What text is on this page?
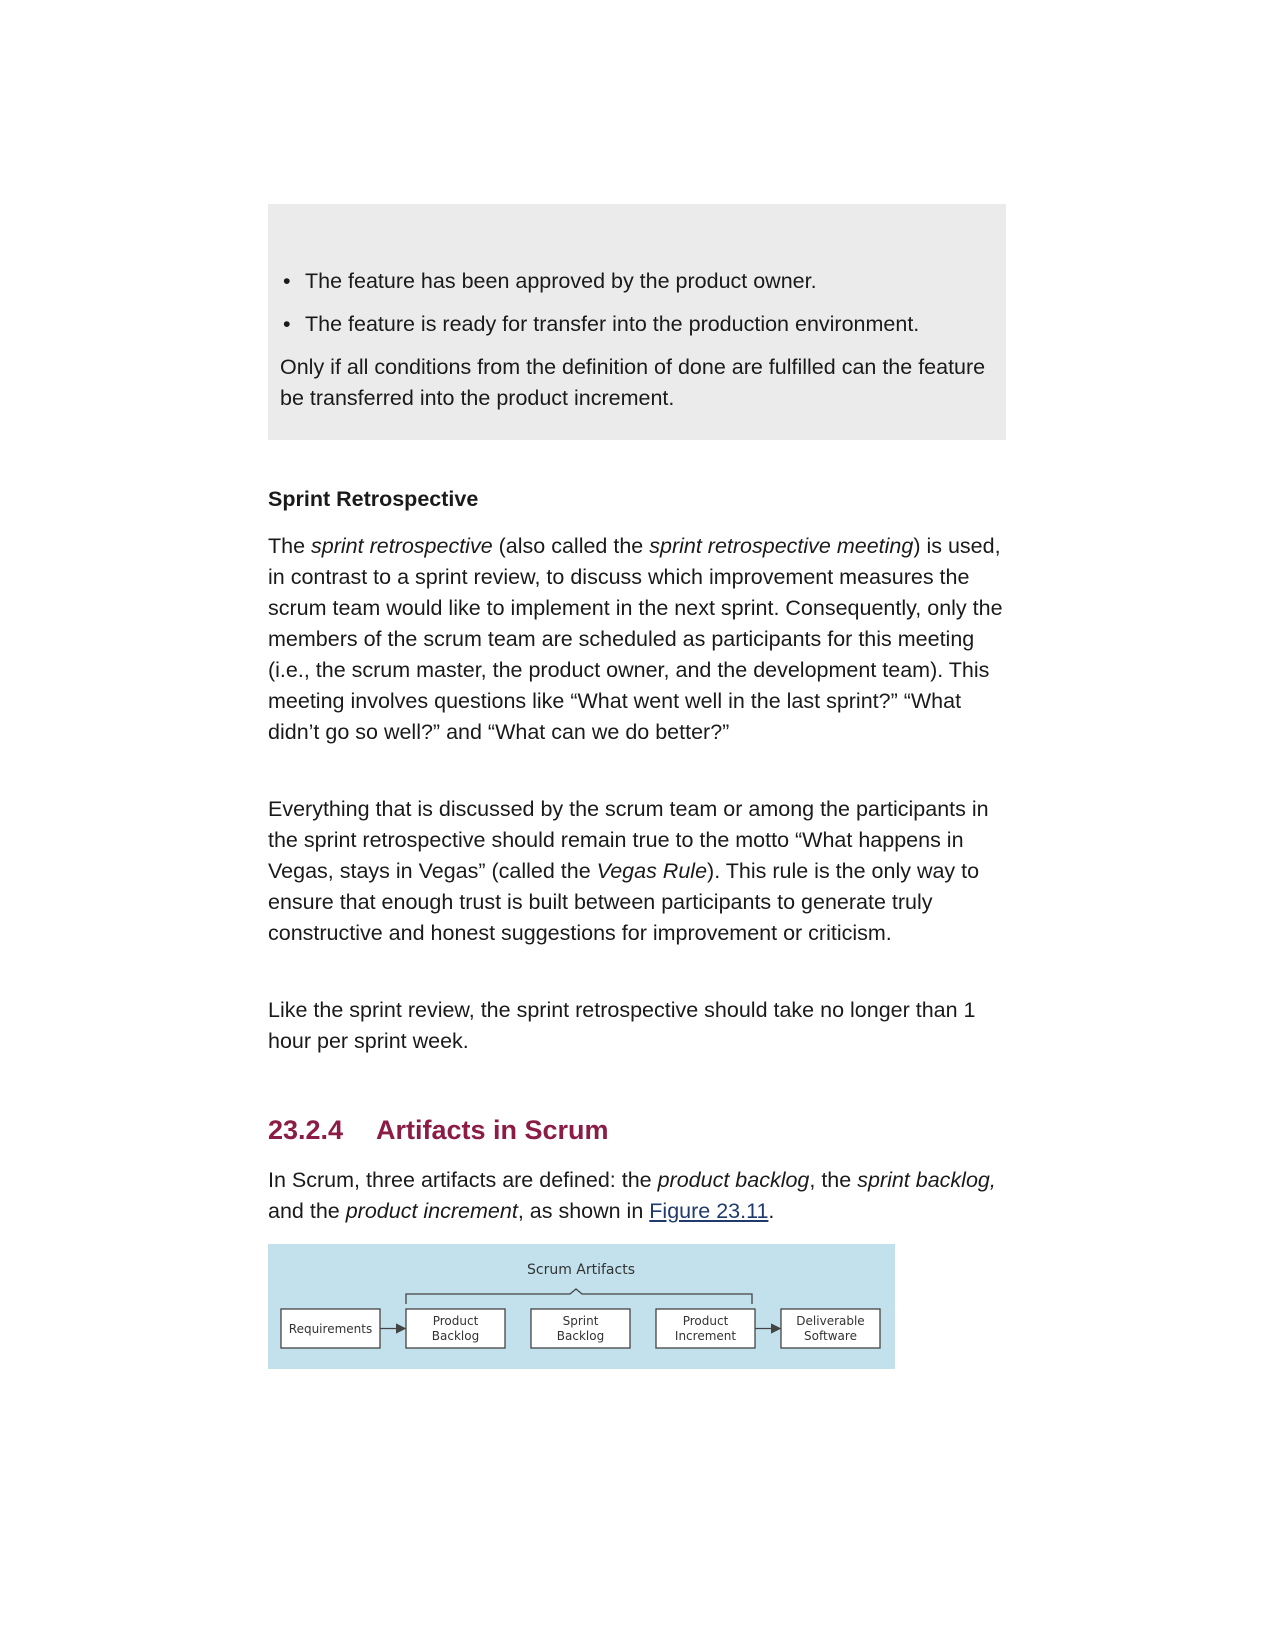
• The feature has been approved by the product owner.
• The feature is ready for transfer into the production environment.

Only if all conditions from the definition of done are fulfilled can the feature be transferred into the product increment.

Sprint Retrospective

The sprint retrospective (also called the sprint retrospective meeting) is used, in contrast to a sprint review, to discuss which improvement measures the scrum team would like to implement in the next sprint. Consequently, only the members of the scrum team are scheduled as participants for this meeting (i.e., the scrum master, the product owner, and the development team). This meeting involves questions like “What went well in the last sprint?” “What didn’t go so well?” and “What can we do better?”

Everything that is discussed by the scrum team or among the participants in the sprint retrospective should remain true to the motto “What happens in Vegas, stays in Vegas” (called the Vegas Rule). This rule is the only way to ensure that enough trust is built between participants to generate truly constructive and honest suggestions for improvement or criticism.

Like the sprint review, the sprint retrospective should take no longer than 1 hour per sprint week.

23.2.4 Artifacts in Scrum

In Scrum, three artifacts are defined: the product backlog, the sprint backlog, and the product increment, as shown in Figure 23.11.

Scrum Artifacts
Requirements
Product
Backlog
Sprint
Backlog
Product
Increment
Deliverable
Software
